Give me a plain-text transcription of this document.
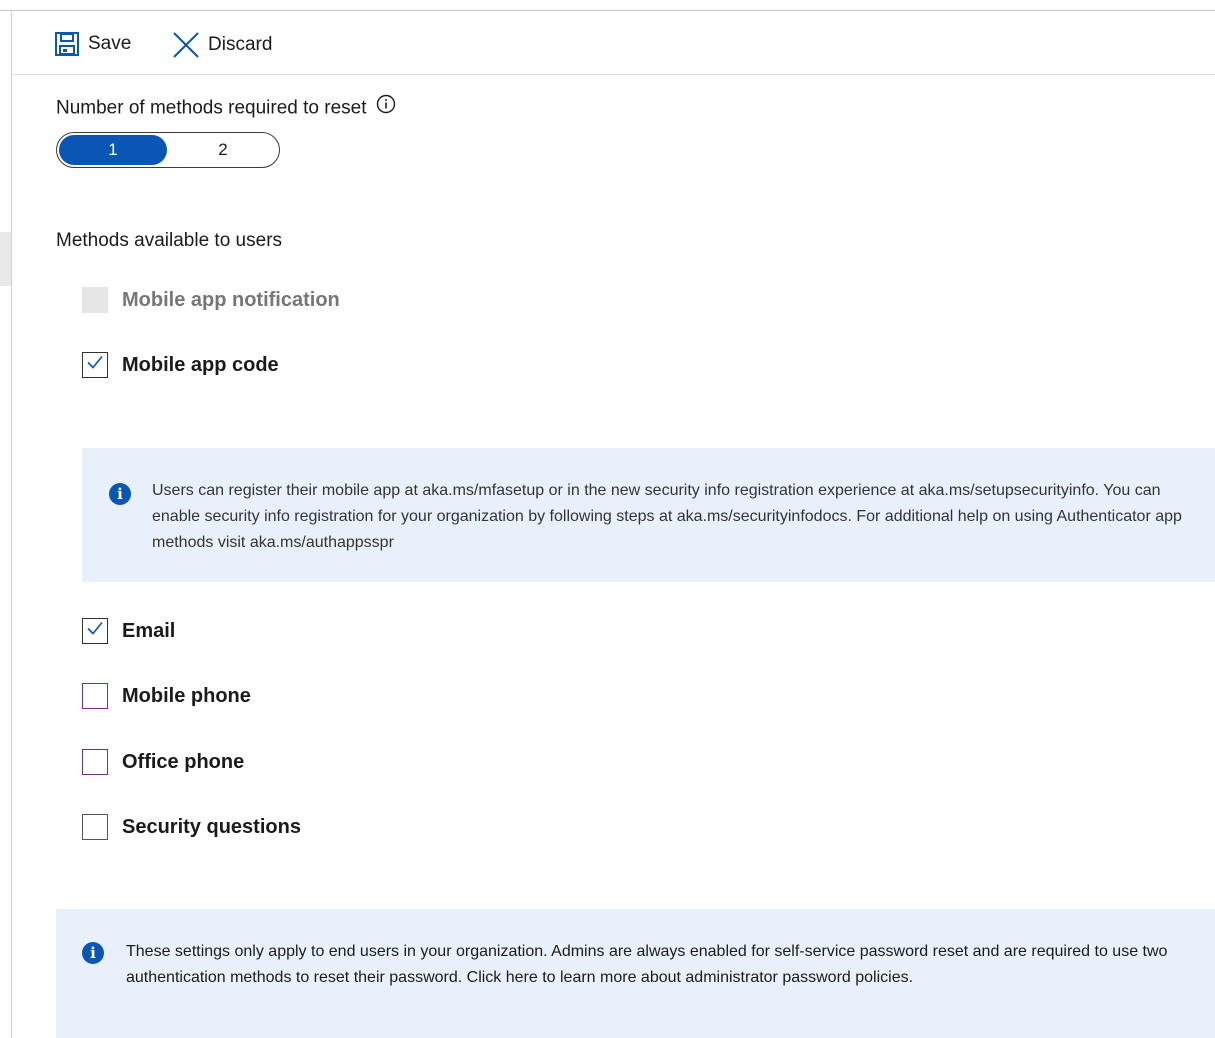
Save	Discard
Number of methods required to reset
1	2
Methods available to users
Mobile app notification
Mobile app code
i	Users can register their mobile app at aka.ms/mfasetup or in the new security info registration experience at aka.ms/setupsecurityinfo. You can enable security info registration for your organization by following steps at aka.ms/securityinfodocs. For additional help on using Authenticator app methods visit aka.ms/authappsspr
Email
Mobile phone
Office phone
Security questions
i	These settings only apply to end users in your organization. Admins are always enabled for self-service password reset and are required to use two authentication methods to reset their password. Click here to learn more about administrator password policies.
